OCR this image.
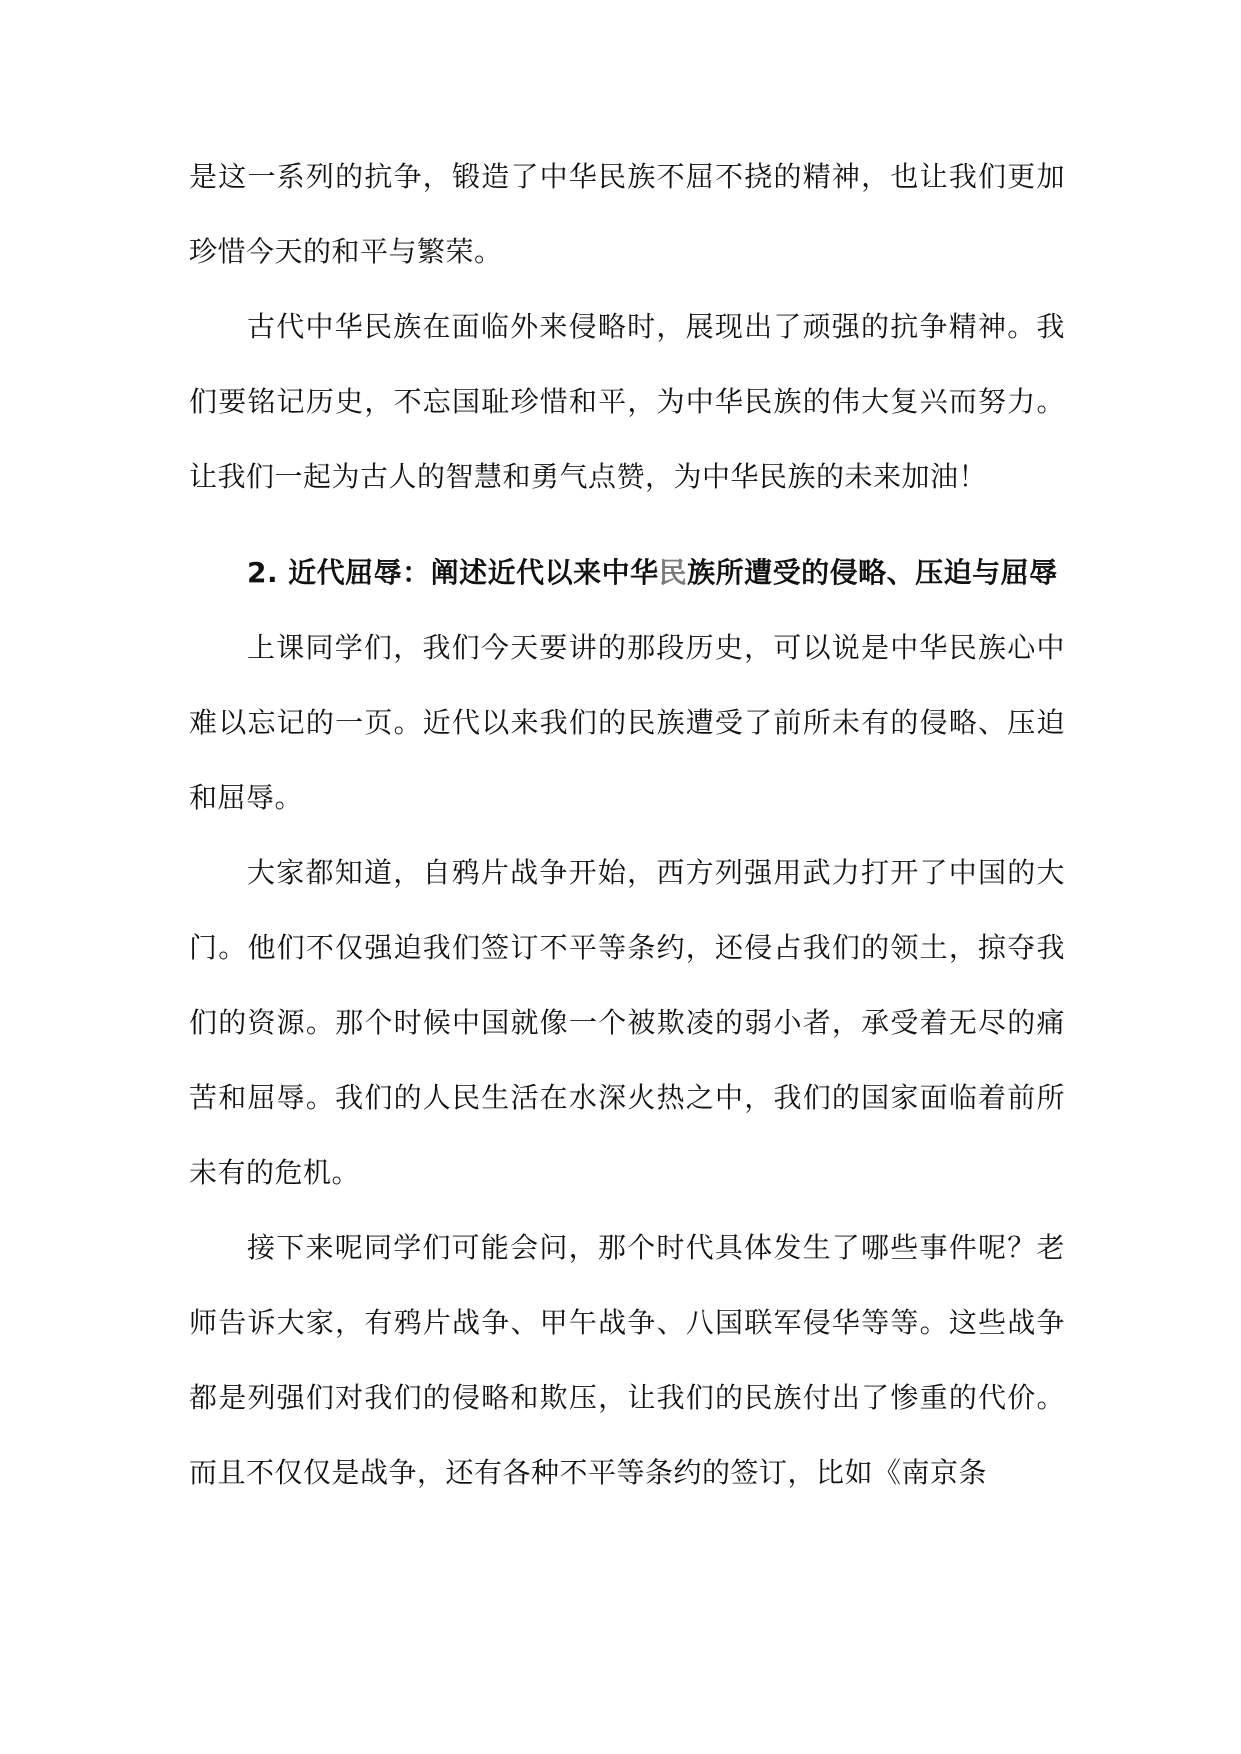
是这一系列的抗争，锻造了中华民族不屈不挠的精神，也让我们更加珍惜今天的和平与繁荣。

古代中华民族在面临外来侵略时，展现出了顽强的抗争精神。我们要铭记历史，不忘国耻珍惜和平，为中华民族的伟大复兴而努力。让我们一起为古人的智慧和勇气点赞，为中华民族的未来加油！

2. 近代屈辱：阐述近代以来中华民族所遭受的侵略、压迫与屈辱

上课同学们，我们今天要讲的那段历史，可以说是中华民族心中难以忘记的一页。近代以来我们的民族遭受了前所未有的侵略、压迫和屈辱。

大家都知道，自鸦片战争开始，西方列强用武力打开了中国的大门。他们不仅强迫我们签订不平等条约，还侵占我们的领土，掠夺我们的资源。那个时候中国就像一个被欺凌的弱小者，承受着无尽的痛苦和屈辱。我们的人民生活在水深火热之中，我们的国家面临着前所未有的危机。

接下来呢同学们可能会问，那个时代具体发生了哪些事件呢？老师告诉大家，有鸦片战争、甲午战争、八国联军侵华等等。这些战争都是列强们对我们的侵略和欺压，让我们的民族付出了惨重的代价。而且不仅仅是战争，还有各种不平等条约的签订，比如《南京条
